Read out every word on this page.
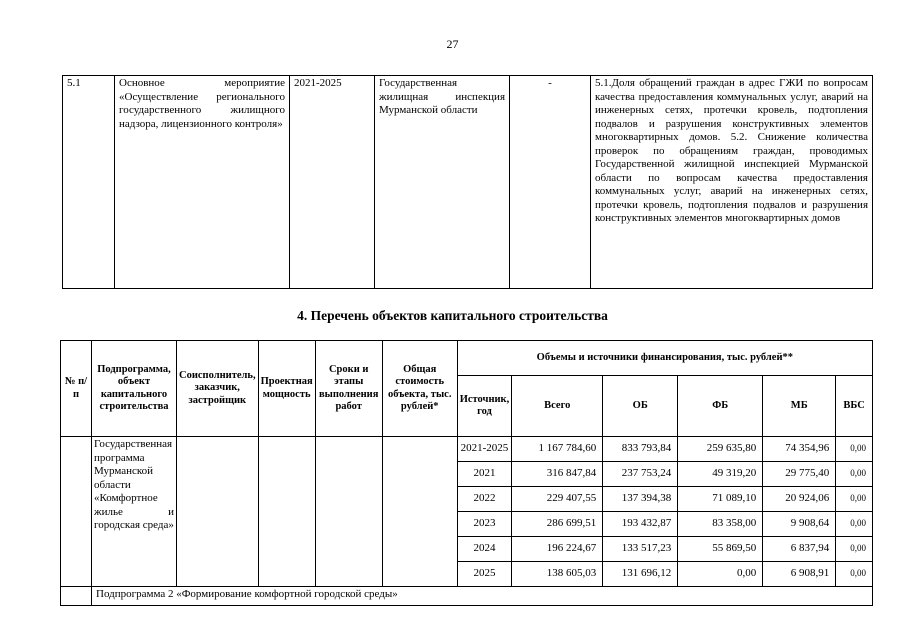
27
5.1	Основное мероприятие «Осуществление регионального государственного жилищного надзора, лицензионного контроля»	2021-2025	Государственная жилищная инспекция Мурманской области	-	5.1.Доля обращений граждан в адрес ГЖИ по вопросам качества предоставления коммунальных услуг, аварий на инженерных сетях, протечки кровель, подтопления подвалов и разрушения конструктивных элементов многоквартирных домов. 5.2. Снижение количества проверок по обращениям граждан, проводимых Государственной жилищной инспекцией Мурманской области по вопросам качества предоставления коммунальных услуг, аварий на инженерных сетях, протечки кровель, подтопления подвалов и разрушения конструктивных элементов многоквартирных домов
4. Перечень объектов капитального строительства
№ п/п	Подпрограмма, объект капитального строительства	Соисполнитель, заказчик, застройщик	Проектная мощность	Сроки и этапы выполнения работ	Общая стоимость объекта, тыс. рублей*	Объемы и источники финансирования, тыс. рублей**					
						Источник, год	Всего	ОБ	ФБ	МБ	ВБС
	Государственная программа Мурманской области «Комфортное жилье и городская среда»					2021-2025	1 167 784,60	833 793,84	259 635,80	74 354,96	0,00
						2021	316 847,84	237 753,24	49 319,20	29 775,40	0,00
						2022	229 407,55	137 394,38	71 089,10	20 924,06	0,00
						2023	286 699,51	193 432,87	83 358,00	9 908,64	0,00
						2024	196 224,67	133 517,23	55 869,50	6 837,94	0,00
						2025	138 605,03	131 696,12	0,00	6 908,91	0,00
	Подпрограмма 2 «Формирование комфортной городской среды»										
